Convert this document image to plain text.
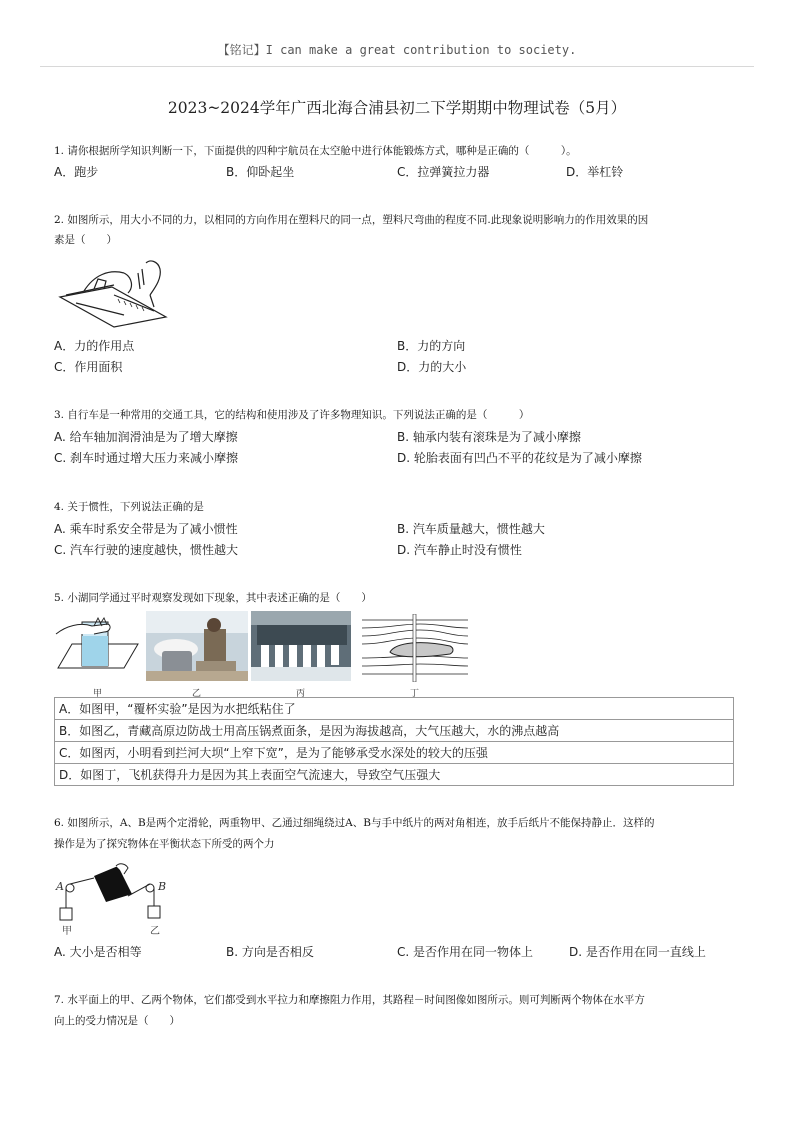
【铭记】I can make a great contribution to society.
2023~2024学年广西北海合浦县初二下学期期中物理试卷（5月）
1. 请你根据所学知识判断一下，下面提供的四种宇航员在太空舱中进行体能锻炼方式，哪种是正确的（　　　）。
A．跑步	B．仰卧起坐	C．拉弹簧拉力器	D．举杠铃
2. 如图所示，用大小不同的力，以相同的方向作用在塑料尺的同一点，塑料尺弯曲的程度不同.此现象说明影响力的作用效果的因
素是（　　）
A．力的作用点	B．力的方向
C．作用面积	D．力的大小
3. 自行车是一种常用的交通工具，它的结构和使用涉及了许多物理知识。下列说法正确的是（　　　）
A. 给车轴加润滑油是为了增大摩擦	B. 轴承内装有滚珠是为了减小摩擦
C. 刹车时通过增大压力来减小摩擦	D. 轮胎表面有凹凸不平的花纹是为了减小摩擦
4. 关于惯性，下列说法正确的是
A. 乘车时系安全带是为了减小惯性	B. 汽车质量越大，惯性越大
C. 汽车行驶的速度越快，惯性越大	D. 汽车静止时没有惯性
5. 小湖同学通过平时观察发现如下现象，其中表述正确的是（　　）
甲	乙	丙	丁
A．如图甲，“覆杯实验”是因为水把纸粘住了
B．如图乙，青藏高原边防战士用高压锅煮面条，是因为海拔越高，大气压越大，水的沸点越高
C．如图丙，小明看到拦河大坝“上窄下宽”，是为了能够承受水深处的较大的压强
D．如图丁，飞机获得升力是因为其上表面空气流速大，导致空气压强大
6. 如图所示，A、B是两个定滑轮，两重物甲、乙通过细绳绕过A、B与手中纸片的两对角相连，放手后纸片不能保持静止．这样的
操作是为了探究物体在平衡状态下所受的两个力
A	B
甲	乙
A. 大小是否相等	B. 方向是否相反	C. 是否作用在同一物体上	D. 是否作用在同一直线上
7. 水平面上的甲、乙两个物体，它们都受到水平拉力和摩擦阻力作用，其路程－时间图像如图所示。则可判断两个物体在水平方
向上的受力情况是（　　）
